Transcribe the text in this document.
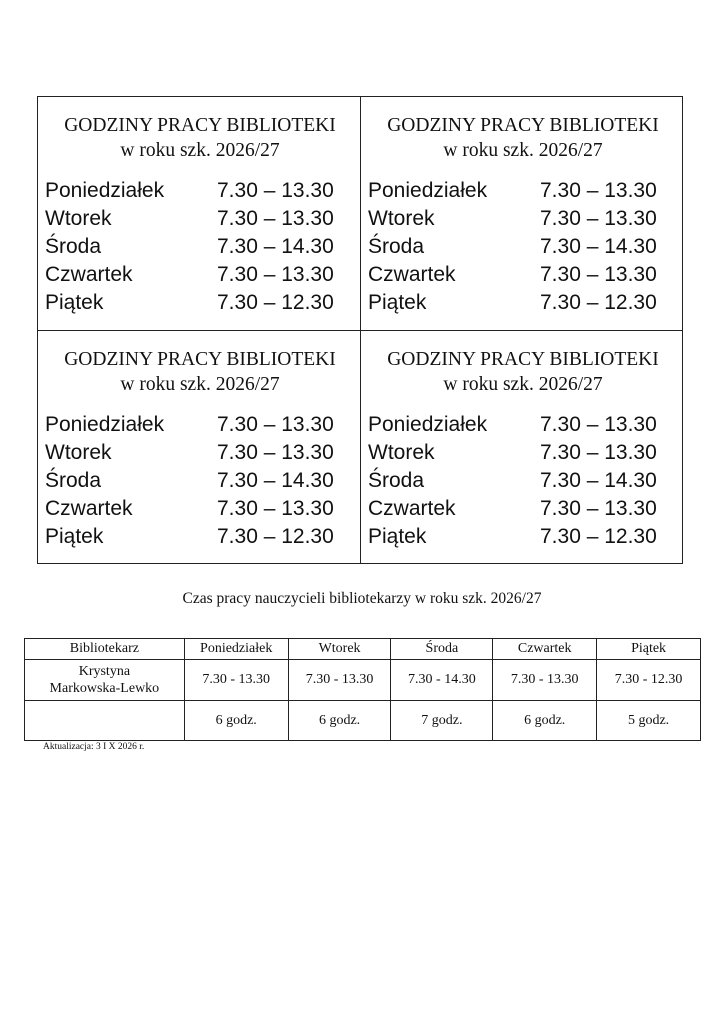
GODZINY PRACY BIBLIOTEKI
w roku szk. 2026/27
Poniedziałek	7.30 – 13.30
Wtorek	7.30 – 13.30
Środa	7.30 – 14.30
Czwartek	7.30 – 13.30
Piątek	7.30 – 12.30
GODZINY PRACY BIBLIOTEKI
w roku szk. 2026/27
Poniedziałek	7.30 – 13.30
Wtorek	7.30 – 13.30
Środa	7.30 – 14.30
Czwartek	7.30 – 13.30
Piątek	7.30 – 12.30
GODZINY PRACY BIBLIOTEKI
w roku szk. 2026/27
Poniedziałek	7.30 – 13.30
Wtorek	7.30 – 13.30
Środa	7.30 – 14.30
Czwartek	7.30 – 13.30
Piątek	7.30 – 12.30
GODZINY PRACY BIBLIOTEKI
w roku szk. 2026/27
Poniedziałek	7.30 – 13.30
Wtorek	7.30 – 13.30
Środa	7.30 – 14.30
Czwartek	7.30 – 13.30
Piątek	7.30 – 12.30
Czas pracy nauczycieli bibliotekarzy w roku szk. 2026/27
Bibliotekarz	Poniedziałek	Wtorek	Środa	Czwartek	Piątek

Krystyna
Markowska-Lewko	7.30 - 13.30	7.30 - 13.30	7.30 - 14.30	7.30 - 13.30	7.30 - 12.30
	6 godz.	6 godz.	7 godz.	6 godz.	5 godz.
Aktualizacja: 3 I X 2026 r.
